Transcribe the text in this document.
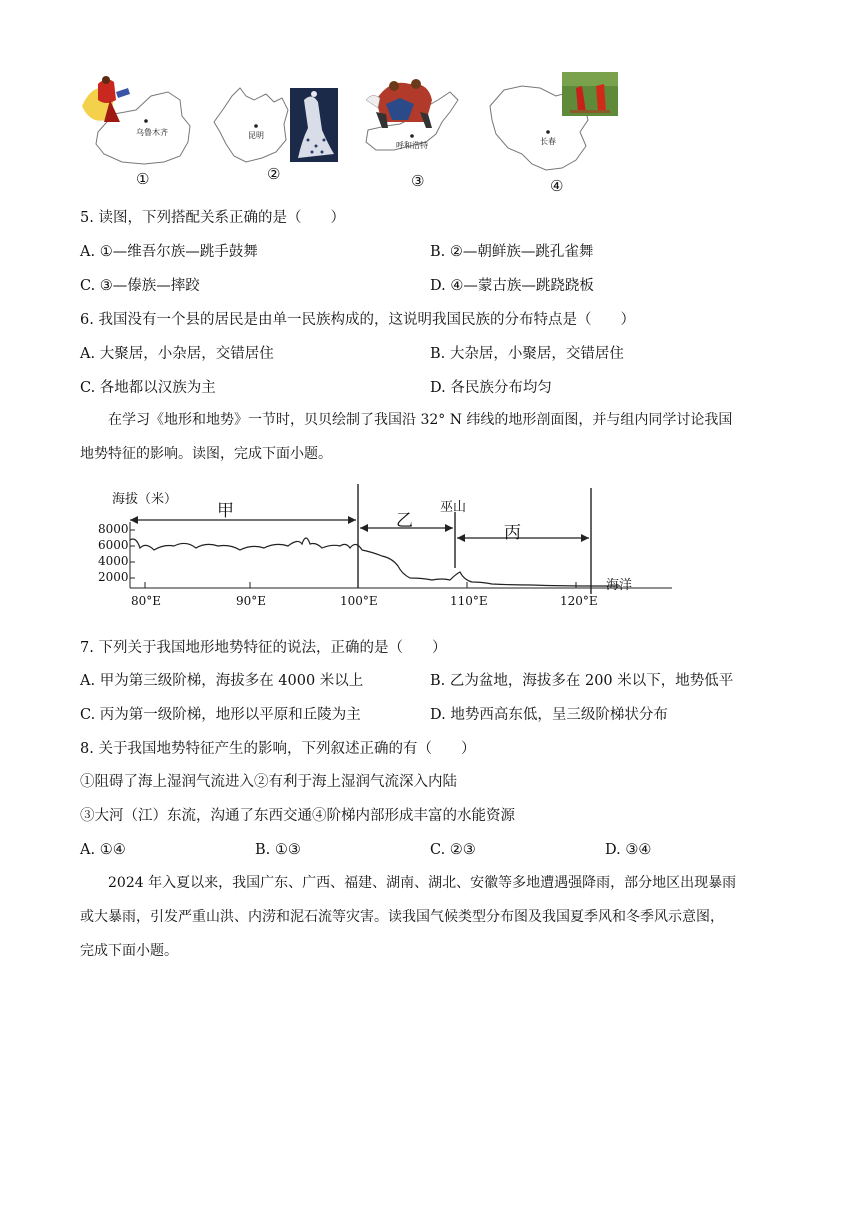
乌鲁木齐	昆明
呼和浩特	长春
①	②	③	④
5. 读图，下列搭配关系正确的是（　　）
A. ①—维吾尔族—跳手鼓舞	B. ②—朝鲜族—跳孔雀舞
C. ③—傣族—摔跤	D. ④—蒙古族—跳跷跷板
6. 我国没有一个县的居民是由单一民族构成的，这说明我国民族的分布特点是（　　）
A. 大聚居，小杂居，交错居住	B. 大杂居，小聚居，交错居住
C. 各地都以汉族为主	D. 各民族分布均匀
在学习《地形和地势》一节时，贝贝绘制了我国沿 32° N 纬线的地形剖面图，并与组内同学讨论我国
地势特征的影响。读图，完成下面小题。
海拔（米）
8000
6000
4000
2000
80°E	90°E	100°E	110°E	120°E
甲	乙
丙
巫山
海洋
7. 下列关于我国地形地势特征的说法，正确的是（　　）
A. 甲为第三级阶梯，海拔多在 4000 米以上	B. 乙为盆地，海拔多在 200 米以下，地势低平
C. 丙为第一级阶梯，地形以平原和丘陵为主	D. 地势西高东低，呈三级阶梯状分布
8. 关于我国地势特征产生的影响，下列叙述正确的有（　　）
①阻碍了海上湿润气流进入②有利于海上湿润气流深入内陆
③大河（江）东流，沟通了东西交通④阶梯内部形成丰富的水能资源
A. ①④	B. ①③	C. ②③	D. ③④
2024 年入夏以来，我国广东、广西、福建、湖南、湖北、安徽等多地遭遇强降雨，部分地区出现暴雨
或大暴雨，引发严重山洪、内涝和泥石流等灾害。读我国气候类型分布图及我国夏季风和冬季风示意图，
完成下面小题。
